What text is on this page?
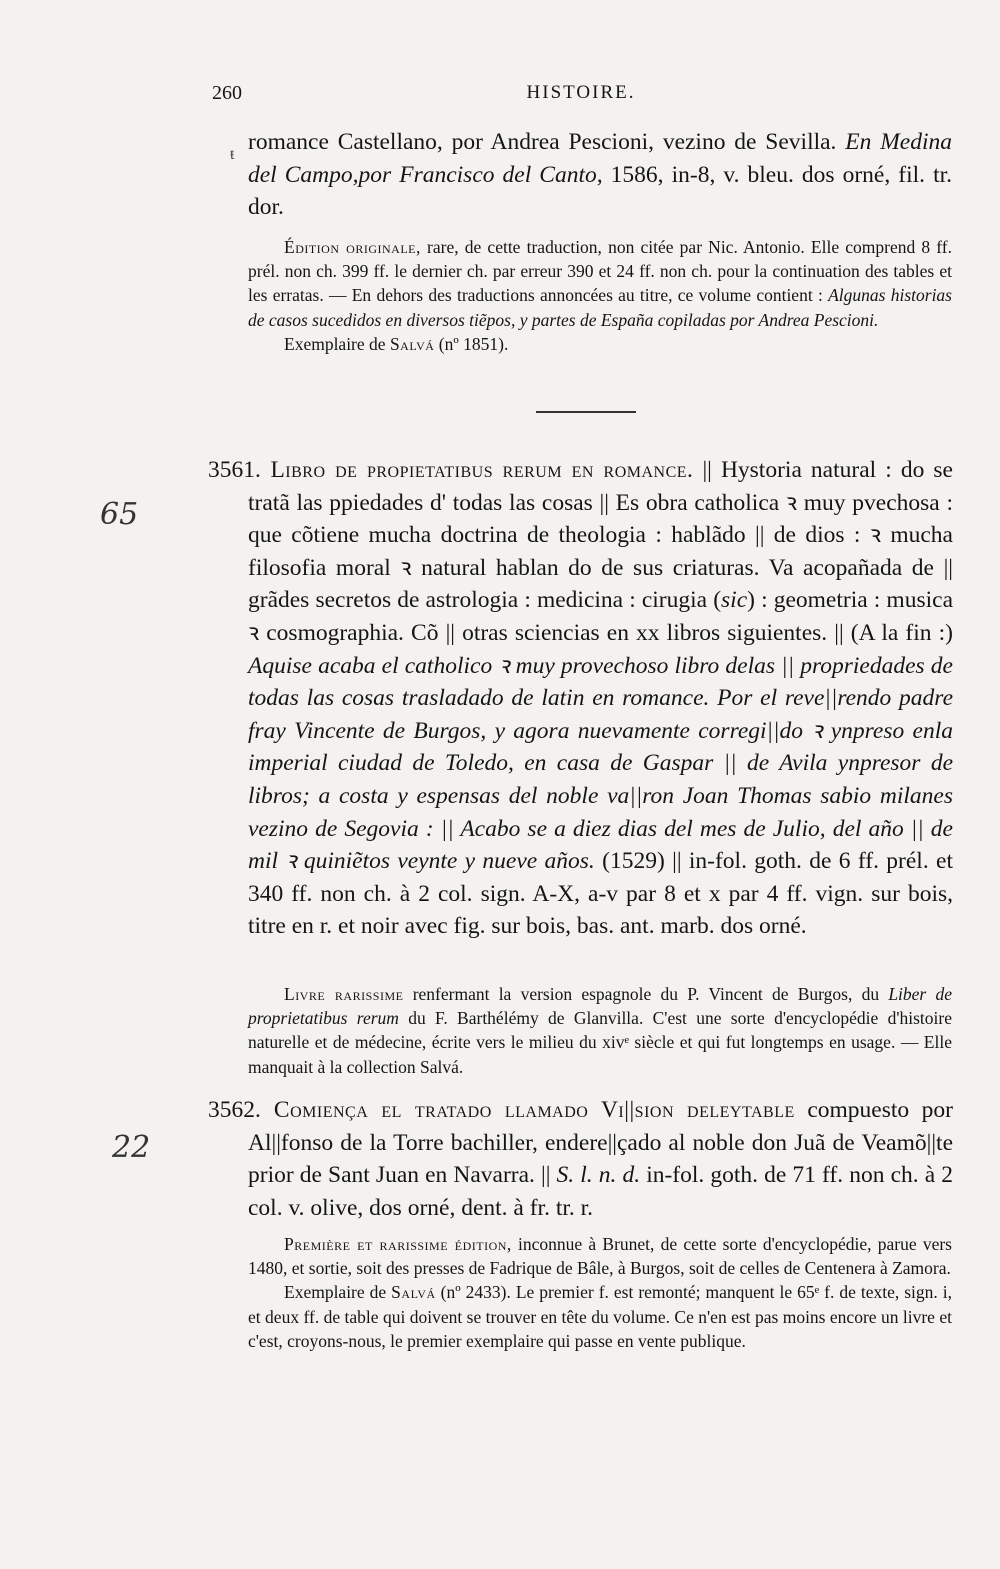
260	HISTOIRE.
ŧ romance Castellano, por Andrea Pescioni, vezino de Sevilla. En Medina del Campo,por Francisco del Canto, 1586, in-8, v. bleu. dos orné, fil. tr. dor.

Édition originale, rare, de cette traduction, non citée par Nic. Antonio. Elle comprend 8 ff. prél. non ch. 399 ff. le dernier ch. par erreur 390 et 24 ff. non ch. pour la continuation des tables et les erratas. — En dehors des traductions annoncées au titre, ce volume contient : Algunas historias de casos sucedidos en diversos tiẽpos, y partes de España copiladas por Andrea Pescioni.

Exemplaire de Salvá (nº 1851).

65

3561. Libro de propietatibus rerum en romance. || Hystoria natural : do se tratã las ppiedades d' todas las cosas || Es obra catholica ꝛ muy pvechosa : que cõtiene mucha doctrina de theologia : hablãdo || de dios : ꝛ mucha filosofia moral ꝛ natural hablan do de sus criaturas. Va acopañada de || grãdes secretos de astrologia : medicina : cirugia (sic) : geometria : musica ꝛ cosmographia. Cõ || otras sciencias en xx libros siguientes. || (A la fin :) Aquise acaba el catholico ꝛ muy provechoso libro delas || propriedades de todas las cosas trasladado de latin en romance. Por el reve||rendo padre fray Vincente de Burgos, y agora nuevamente corregi||do ꝛ ynpreso enla imperial ciudad de Toledo, en casa de Gaspar || de Avila ynpresor de libros; a costa y espensas del noble va||ron Joan Thomas sabio milanes vezino de Segovia : || Acabo se a diez dias del mes de Julio, del año || de mil ꝛ quiniẽtos veynte y nueve años. (1529) || in-fol. goth. de 6 ff. prél. et 340 ff. non ch. à 2 col. sign. A-X, a-v par 8 et x par 4 ff. vign. sur bois, titre en r. et noir avec fig. sur bois, bas. ant. marb. dos orné.

Livre rarissime renfermant la version espagnole du P. Vincent de Burgos, du Liber de proprietatibus rerum du F. Barthélémy de Glanvilla. C'est une sorte d'encyclopédie d'histoire naturelle et de médecine, écrite vers le milieu du xivᵉ siècle et qui fut longtemps en usage. — Elle manquait à la collection Salvá.

22

3562. Comiença el tratado llamado Vi||sion deleytable compuesto por Al||fonso de la Torre bachiller, endere||çado al noble don Juã de Veamõ||te prior de Sant Juan en Navarra. || S. l. n. d. in-fol. goth. de 71 ff. non ch. à 2 col. v. olive, dos orné, dent. à fr. tr. r.

Première et rarissime édition, inconnue à Brunet, de cette sorte d'encyclopédie, parue vers 1480, et sortie, soit des presses de Fadrique de Bâle, à Burgos, soit de celles de Centenera à Zamora.

Exemplaire de Salvá (nº 2433). Le premier f. est remonté; manquent le 65ᵉ f. de texte, sign. i, et deux ff. de table qui doivent se trouver en tête du volume. Ce n'en est pas moins encore un livre et c'est, croyons-nous, le premier exemplaire qui passe en vente publique.
